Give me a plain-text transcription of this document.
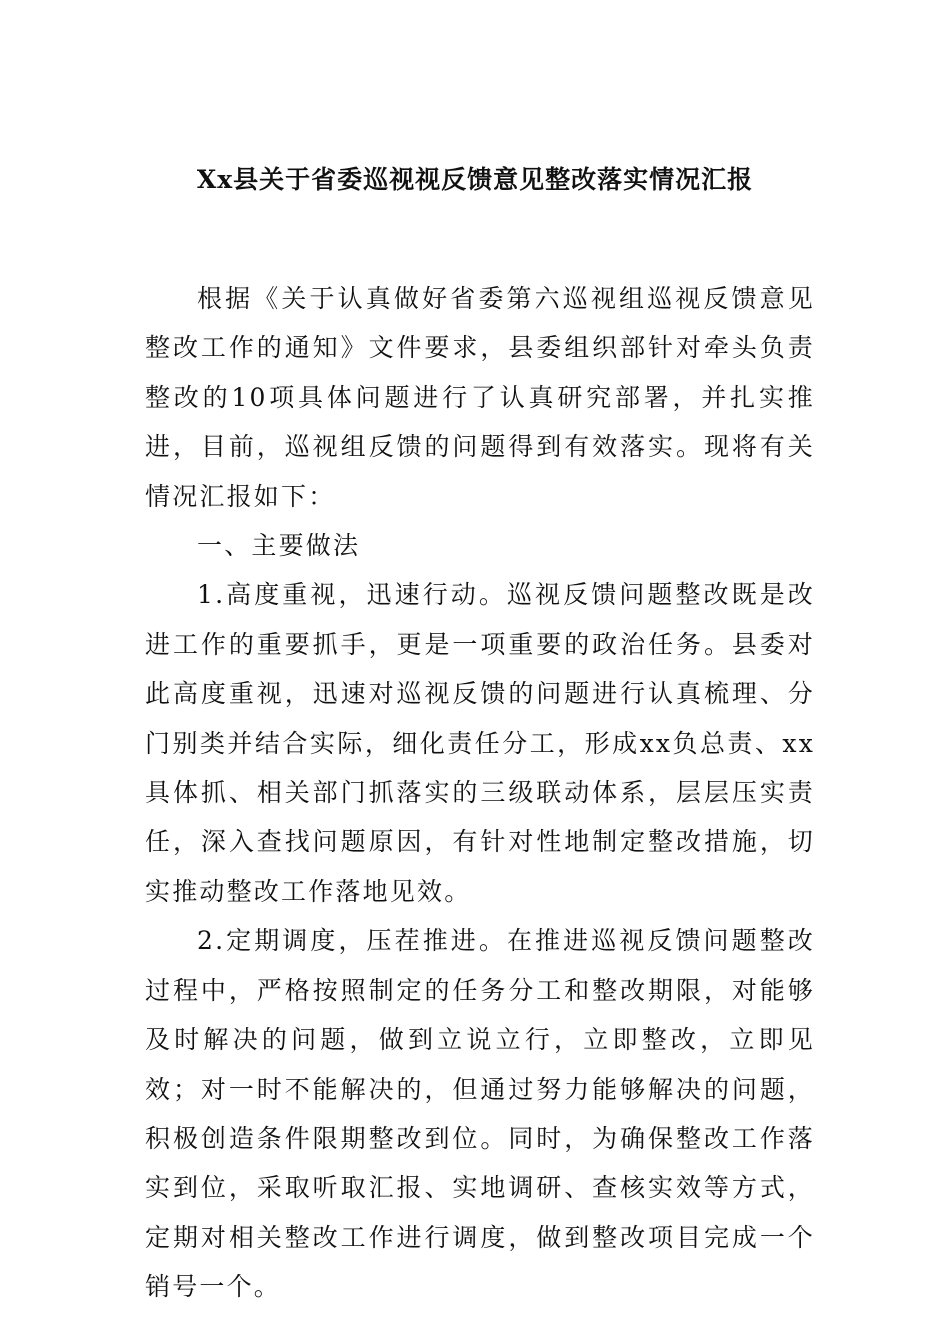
Xx县关于省委巡视视反馈意见整改落实情况汇报

根据《关于认真做好省委第六巡视组巡视反馈意见整改工作的通知》文件要求，县委组织部针对牵头负责整改的10项具体问题进行了认真研究部署，并扎实推进，目前，巡视组反馈的问题得到有效落实。现将有关情况汇报如下：

一、主要做法

1.高度重视，迅速行动。巡视反馈问题整改既是改进工作的重要抓手，更是一项重要的政治任务。县委对此高度重视，迅速对巡视反馈的问题进行认真梳理、分门别类并结合实际，细化责任分工，形成xx负总责、xx具体抓、相关部门抓落实的三级联动体系，层层压实责任，深入查找问题原因，有针对性地制定整改措施，切实推动整改工作落地见效。

2.定期调度，压茬推进。在推进巡视反馈问题整改过程中，严格按照制定的任务分工和整改期限，对能够及时解决的问题，做到立说立行，立即整改，立即见效；对一时不能解决的，但通过努力能够解决的问题，积极创造条件限期整改到位。同时，为确保整改工作落实到位，采取听取汇报、实地调研、查核实效等方式，定期对相关整改工作进行调度，做到整改项目完成一个销号一个。
